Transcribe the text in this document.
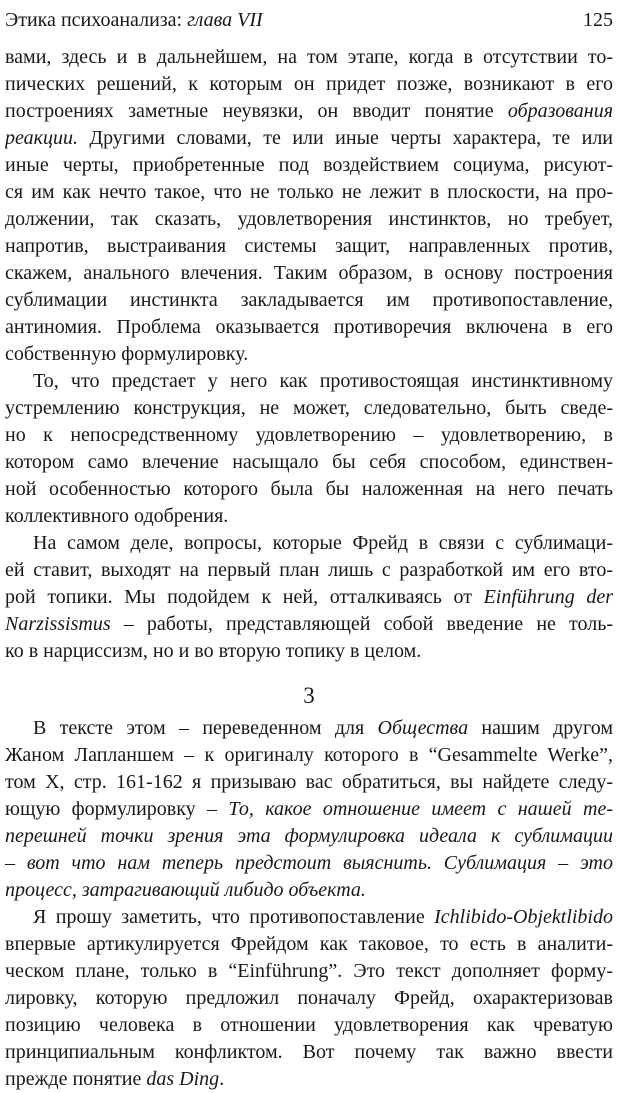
Этика психоанализа: глава VII	125
вами, здесь и в дальнейшем, на том этапе, когда в отсутствии то-
пических решений, к которым он придет позже, возникают в его
построениях заметные неувязки, он вводит понятие образования
реакции. Другими словами, те или иные черты характера, те или
иные черты, приобретенные под воздействием социума, рисуют-
ся им как нечто такое, что не только не лежит в плоскости, на про-
должении, так сказать, удовлетворения инстинктов, но требует,
напротив, выстраивания системы защит, направленных против,
скажем, анального влечения. Таким образом, в основу построения
сублимации инстинкта закладывается им противопоставление,
антиномия. Проблема оказывается противоречия включена в его
собственную формулировку.
То, что предстает у него как противостоящая инстинктивному
устремлению конструкция, не может, следовательно, быть сведе-
но к непосредственному удовлетворению – удовлетворению, в
котором само влечение насыщало бы себя способом, единствен-
ной особенностью которого была бы наложенная на него печать
коллективного одобрения.
На самом деле, вопросы, которые Фрейд в связи с сублимаци-
ей ставит, выходят на первый план лишь с разработкой им его вто-
рой топики. Мы подойдем к ней, отталкиваясь от Einführung der
Narzissismus – работы, представляющей собой введение не толь-
ко в нарциссизм, но и во вторую топику в целом.
3
В тексте этом – переведенном для Общества нашим другом
Жаном Лапланшем – к оригиналу которого в “Gesammelte Werke”,
том X, стр. 161-162 я призываю вас обратиться, вы найдете следу-
ющую формулировку – То, какое отношение имеет с нашей те-
перешней точки зрения эта формулировка идеала к сублимации
– вот что нам теперь предстоит выяснить. Сублимация – это
процесс, затрагивающий либидо объекта.
Я прошу заметить, что противопоставление Ichlibido-Objektlibido
впервые артикулируется Фрейдом как таковое, то есть в аналити-
ческом плане, только в “Einführung”. Это текст дополняет форму-
лировку, которую предложил поначалу Фрейд, охарактеризовав
позицию человека в отношении удовлетворения как чреватую
принципиальным конфликтом. Вот почему так важно ввести
прежде понятие das Ding.
